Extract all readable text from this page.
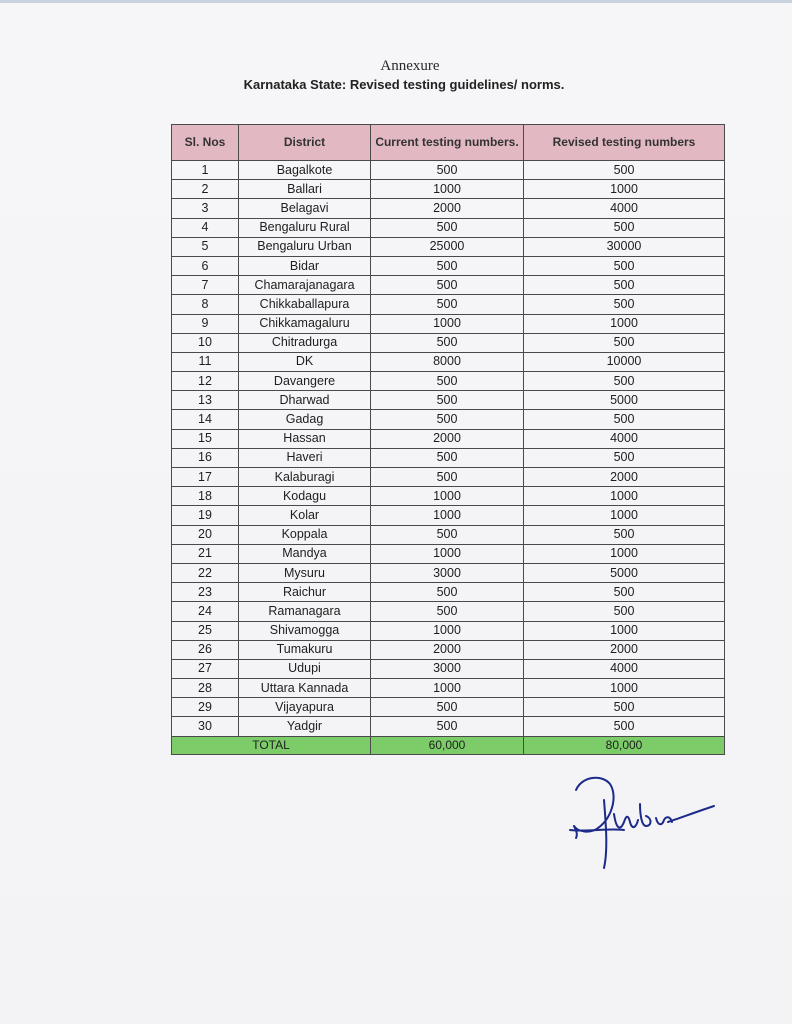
Annexure
Karnataka State: Revised testing guidelines/ norms.
Sl. Nos	District	Current testing numbers.	Revised testing numbers
1	Bagalkote	500	500
2	Ballari	1000	1000
3	Belagavi	2000	4000
4	Bengaluru Rural	500	500
5	Bengaluru Urban	25000	30000
6	Bidar	500	500
7	Chamarajanagara	500	500
8	Chikkaballapura	500	500
9	Chikkamagaluru	1000	1000
10	Chitradurga	500	500
11	DK	8000	10000
12	Davangere	500	500
13	Dharwad	500	5000
14	Gadag	500	500
15	Hassan	2000	4000
16	Haveri	500	500
17	Kalaburagi	500	2000
18	Kodagu	1000	1000
19	Kolar	1000	1000
20	Koppala	500	500
21	Mandya	1000	1000
22	Mysuru	3000	5000
23	Raichur	500	500
24	Ramanagara	500	500
25	Shivamogga	1000	1000
26	Tumakuru	2000	2000
27	Udupi	3000	4000
28	Uttara Kannada	1000	1000
29	Vijayapura	500	500
30	Yadgir	500	500
TOTAL		60,000	80,000
